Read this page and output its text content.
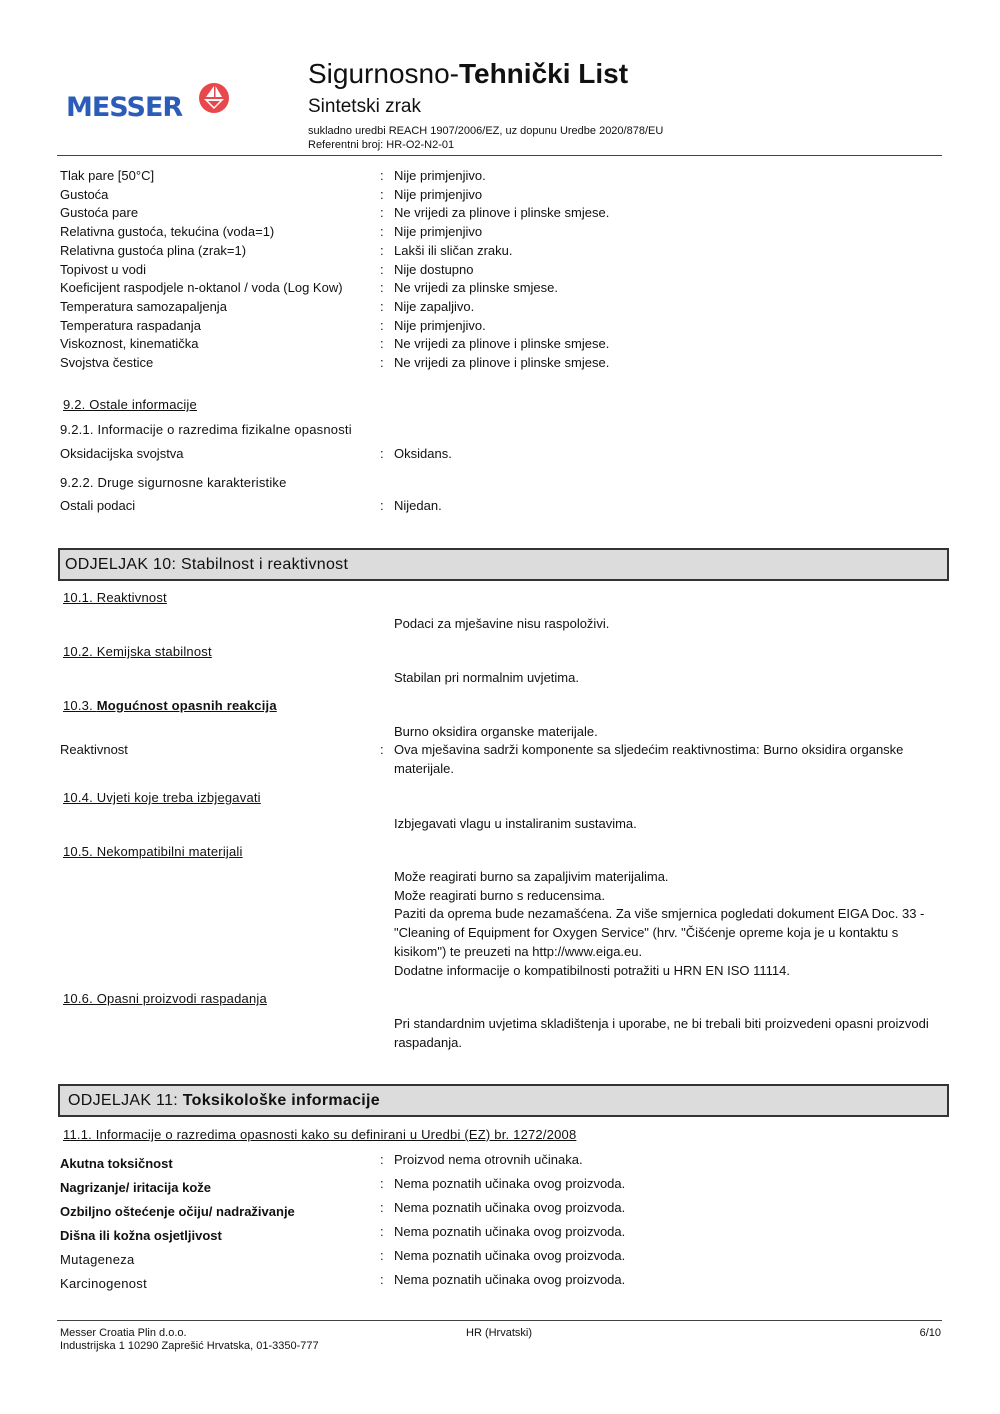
MESSER
Sigurnosno-Tehnički List
Sintetski zrak
sukladno uredbi REACH 1907/2006/EZ, uz dopunu Uredbe 2020/878/EU
Referentni broj: HR-O2-N2-01
Tlak pare [50°C]	: Nije primjenjivo.
Gustoća	: Nije primjenjivo
Gustoća pare	: Ne vrijedi za plinove i plinske smjese.
Relativna gustoća, tekućina (voda=1)	: Nije primjenjivo
Relativna gustoća plina (zrak=1)	: Lakši ili sličan zraku.
Topivost u vodi	: Nije dostupno
Koeficijent raspodjele n-oktanol / voda (Log Kow)	: Ne vrijedi za plinske smjese.
Temperatura samozapaljenja	: Nije zapaljivo.
Temperatura raspadanja	: Nije primjenjivo.
Viskoznost, kinematička	: Ne vrijedi za plinove i plinske smjese.
Svojstva čestice	: Ne vrijedi za plinove i plinske smjese.
9.2. Ostale informacije
9.2.1. Informacije o razredima fizikalne opasnosti
Oksidacijska svojstva	: Oksidans.
9.2.2. Druge sigurnosne karakteristike
Ostali podaci	: Nijedan.
ODJELJAK 10: Stabilnost i reaktivnost
10.1. Reaktivnost
Podaci za mješavine nisu raspoloživi.
10.2. Kemijska stabilnost
Stabilan pri normalnim uvjetima.
10.3. Mogućnost opasnih reakcija
Burno oksidira organske materijale.
Reaktivnost	: Ova mješavina sadrži komponente sa sljedećim reaktivnostima: Burno oksidira organske materijale.
10.4. Uvjeti koje treba izbjegavati
Izbjegavati vlagu u instaliranim sustavima.
10.5. Nekompatibilni materijali
Može reagirati burno sa zapaljivim materijalima.
Može reagirati burno s reducensima.
Paziti da oprema bude nezamašćena. Za više smjernica pogledati dokument EIGA Doc. 33 -"Cleaning of Equipment for Oxygen Service" (hrv. "Čišćenje opreme koja je u kontaktu s kisikom") te preuzeti na http://www.eiga.eu.
Dodatne informacije o kompatibilnosti potražiti u HRN EN ISO 11114.
10.6. Opasni proizvodi raspadanja
Pri standardnim uvjetima skladištenja i uporabe, ne bi trebali biti proizvedeni opasni proizvodi raspadanja.
ODJELJAK 11: Toksikološke informacije
11.1. Informacije o razredima opasnosti kako su definirani u Uredbi (EZ) br. 1272/2008
Akutna toksičnost	: Proizvod nema otrovnih učinaka.
Nagrizanje/ iritacija kože	: Nema poznatih učinaka ovog proizvoda.
Ozbiljno oštećenje očiju/ nadraživanje	: Nema poznatih učinaka ovog proizvoda.
Dišna ili kožna osjetljivost	: Nema poznatih učinaka ovog proizvoda.
Mutageneza	: Nema poznatih učinaka ovog proizvoda.
Karcinogenost	: Nema poznatih učinaka ovog proizvoda.
Messer Croatia Plin d.o.o.
Industrijska 1 10290 Zaprešić Hrvatska, 01-3350-777
HR (Hrvatski)	6/10
